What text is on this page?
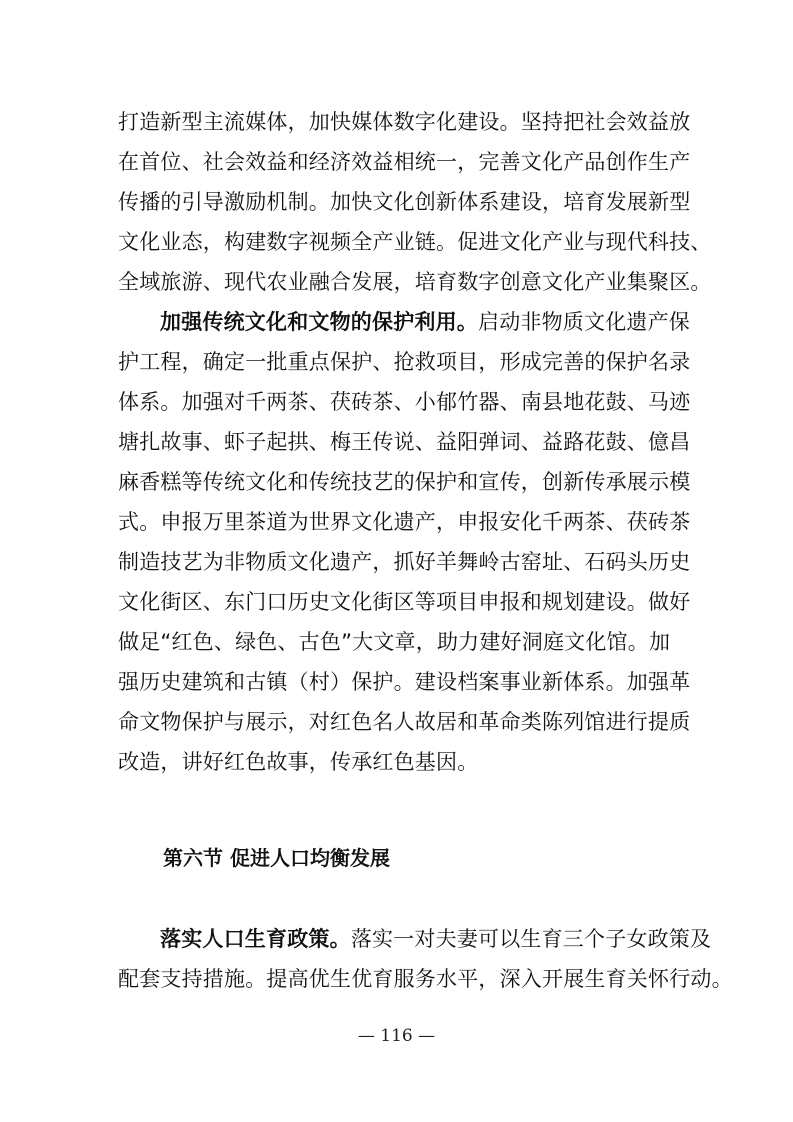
打造新型主流媒体，加快媒体数字化建设。坚持把社会效益放
在首位、社会效益和经济效益相统一，完善文化产品创作生产
传播的引导激励机制。加快文化创新体系建设，培育发展新型
文化业态，构建数字视频全产业链。促进文化产业与现代科技、
全域旅游、现代农业融合发展，培育数字创意文化产业集聚区。
加强传统文化和文物的保护利用。启动非物质文化遗产保
护工程，确定一批重点保护、抢救项目，形成完善的保护名录
体系。加强对千两茶、茯砖茶、小郁竹器、南县地花鼓、马迹
塘扎故事、虾子起拱、梅王传说、益阳弹词、益路花鼓、億昌
麻香糕等传统文化和传统技艺的保护和宣传，创新传承展示模
式。申报万里茶道为世界文化遗产，申报安化千两茶、茯砖茶
制造技艺为非物质文化遗产，抓好羊舞岭古窑址、石码头历史
文化街区、东门口历史文化街区等项目申报和规划建设。做好
做足“红色、绿色、古色”大文章，助力建好洞庭文化馆。加
强历史建筑和古镇（村）保护。建设档案事业新体系。加强革
命文物保护与展示，对红色名人故居和革命类陈列馆进行提质
改造，讲好红色故事，传承红色基因。
第六节 促进人口均衡发展
落实人口生育政策。落实一对夫妻可以生育三个子女政策及
配套支持措施。提高优生优育服务水平，深入开展生育关怀行动。
— 116 —
